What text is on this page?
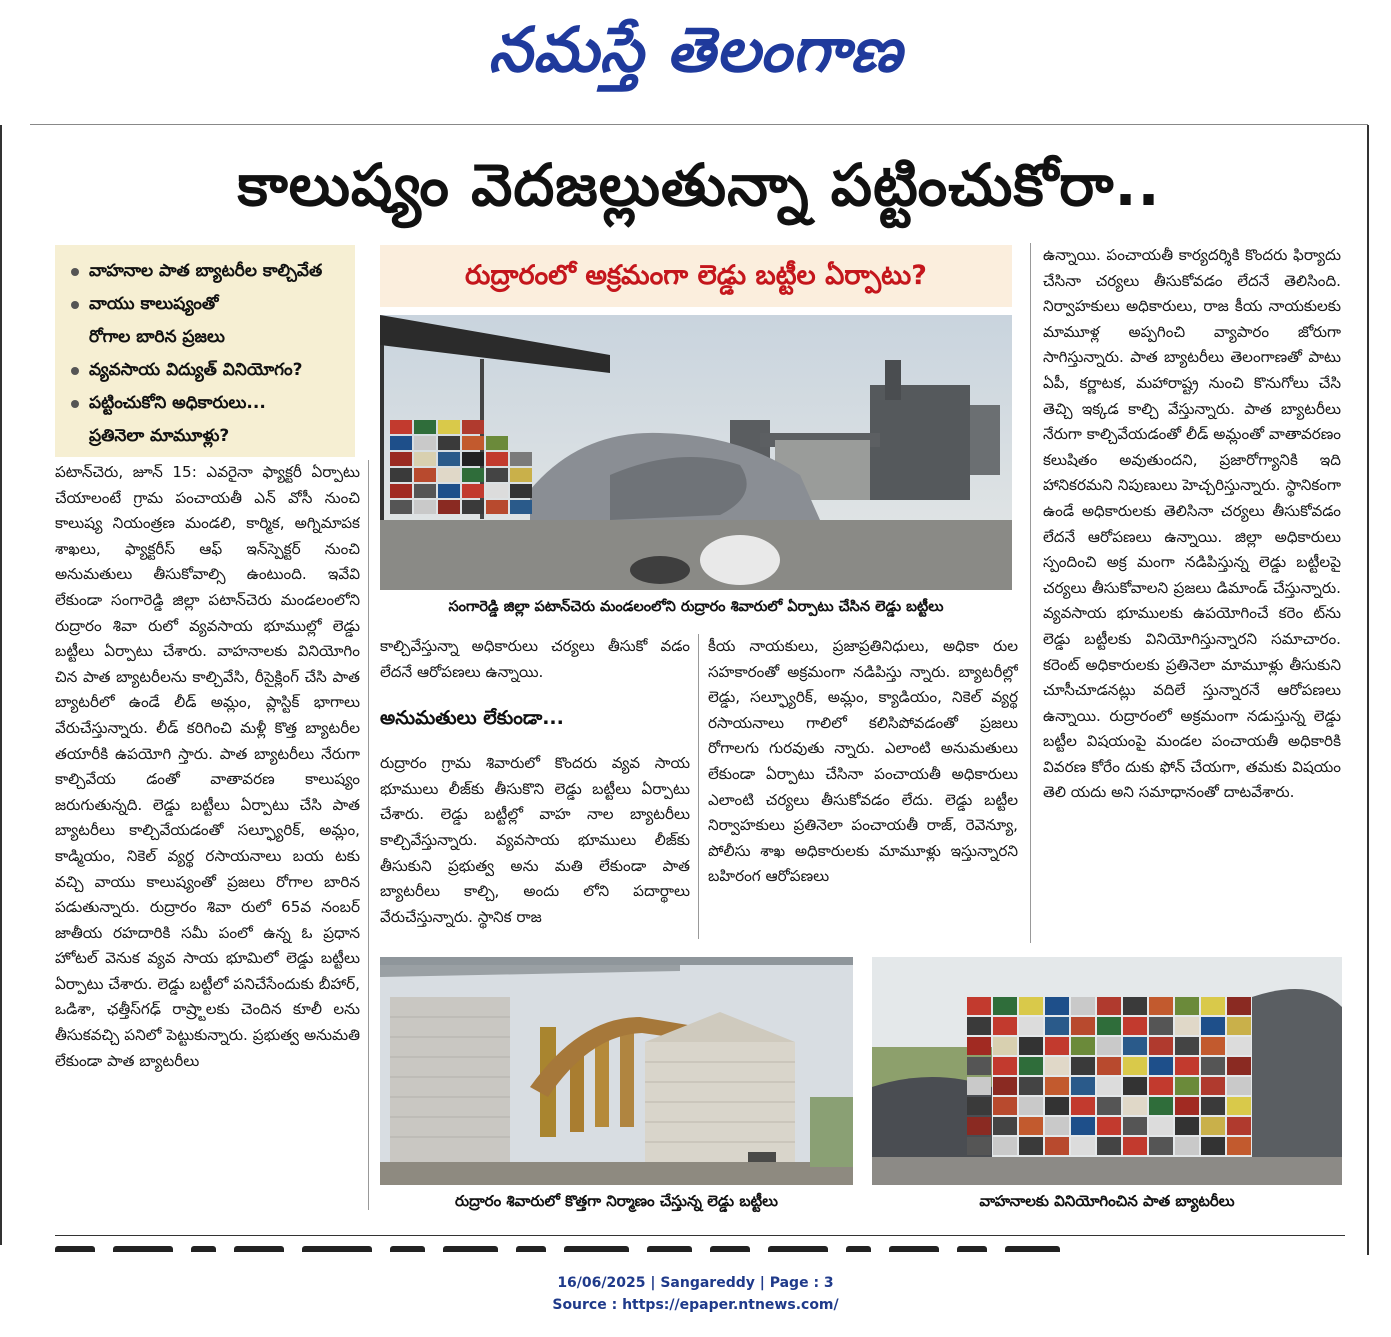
నమస్తే తెలంగాణ
కాలుష్యం వెదజల్లుతున్నా పట్టించుకోరా..
వాహనాల పాత బ్యాటరీల కాల్చివేత
వాయు కాలుష్యంతో
రోగాల బారిన ప్రజలు
వ్యవసాయ విద్యుత్ వినియోగం?
పట్టించుకోని అధికారులు...
ప్రతినెలా మామూళ్లు?

పటాన్‌చెరు, జూన్ 15: ఎవరైనా ఫ్యాక్టరీ ఏర్పాటు చేయాలంటే గ్రామ పంచాయతీ ఎన్ వోసీ నుంచి కాలుష్య నియంత్రణ మండలి, కార్మిక, అగ్నిమాపక శాఖలు, ఫ్యాక్టరీస్ ఆఫ్ ఇన్‌స్పెక్టర్ నుంచి అనుమతులు తీసుకోవాల్సి ఉంటుంది. ఇవేవి లేకుండా సంగారెడ్డి జిల్లా పటాన్‌చెరు మండలంలోని రుద్రారం శివా రులో వ్యవసాయ భూముల్లో లెడ్డు బట్టీలు ఏర్పాటు చేశారు. వాహనాలకు వినియోగిం చిన పాత బ్యాటరీలను కాల్చివేసి, రీసైక్లింగ్ చేసి పాత బ్యాటరీలో ఉండే లీడ్ అమ్లం, ప్లాస్టిక్ భాగాలు వేరుచేస్తున్నారు. లీడ్ కరిగించి మళ్లీ కొత్త బ్యాటరీల తయారీకి ఉపయోగి స్తారు. పాత బ్యాటరీలు నేరుగా కాల్చివేయ డంతో వాతావరణ కాలుష్యం జరుగుతున్నది. లెడ్డు బట్టీలు ఏర్పాటు చేసి పాత బ్యాటరీలు కాల్చివేయడంతో సల్ఫ్యూరిక్, అమ్లం, కాడ్మియం, నికెల్ వ్యర్థ రసాయనాలు బయ టకు వచ్చి వాయు కాలుష్యంతో ప్రజలు రోగాల బారిన పడుతున్నారు. రుద్రారం శివా రులో 65వ నంబర్ జాతీయ రహదారికి సమీ పంలో ఉన్న ఓ ప్రధాన హోటల్ వెనుక వ్యవ సాయ భూమిలో లెడ్డు బట్టీలు ఏర్పాటు చేశారు. లెడ్డు బట్టీలో పనిచేసేందుకు బీహార్, ఒడిశా, ఛత్తీస్‌గఢ్ రాష్ర్టాలకు చెందిన కూలీ లను తీసుకవచ్చి పనిలో పెట్టుకున్నారు. ప్రభుత్వ అనుమతి లేకుండా పాత బ్యాటరీలు

రుద్రారంలో అక్రమంగా లెడ్డు బట్టీల ఏర్పాటు?
సంగారెడ్డి జిల్లా పటాన్‌చెరు మండలంలోని రుద్రారం శివారులో ఏర్పాటు చేసిన లెడ్డు బట్టీలు

కాల్చివేస్తున్నా అధికారులు చర్యలు తీసుకో వడం లేదనే ఆరోపణలు ఉన్నాయి.

రుద్రారం గ్రామ శివారులో కొందరు వ్యవ సాయ భూములు లీజ్‌కు తీసుకొని లెడ్డు బట్టీలు ఏర్పాటు చేశారు. లెడ్డు బట్టీల్లో వాహ నాల బ్యాటరీలు కాల్చివేస్తున్నారు. వ్యవసాయ భూములు లీజ్‌కు తీసుకుని ప్రభుత్వ అను మతి లేకుండా పాత బ్యాటరీలు కాల్చి, అందు లోని పదార్థాలు వేరుచేస్తున్నారు. స్థానిక రాజ

అనుమతులు లేకుండా...

కీయ నాయకులు, ప్రజాప్రతినిధులు, అధికా రుల సహకారంతో అక్రమంగా నడిపిస్తు న్నారు. బ్యాటరీల్లో లెడ్డు, సల్ఫ్యూరిక్, అమ్లం, క్యాడియం, నికెల్ వ్యర్థ రసాయనాలు గాలిలో కలిసిపోవడంతో ప్రజలు రోగాలగు గురవుతు న్నారు. ఎలాంటి అనుమతులు లేకుండా ఏర్పాటు చేసినా పంచాయతీ అధికారులు ఎలాంటి చర్యలు తీసుకోవడం లేదు. లెడ్డు బట్టీల నిర్వాహకులు ప్రతినెలా పంచాయతీ రాజ్, రెవెన్యూ, పోలీసు శాఖ అధికారులకు మామూళ్లు ఇస్తున్నారని బహిరంగ ఆరోపణలు

ఉన్నాయి. పంచాయతీ కార్యదర్శికి కొందరు ఫిర్యాదు చేసినా చర్యలు తీసుకోవడం లేదనే తెలిసింది. నిర్వాహకులు అధికారులు, రాజ కీయ నాయకులకు మామూళ్ల అప్పగించి వ్యాపారం జోరుగా సాగిస్తున్నారు. పాత బ్యాటరీలు తెలంగాణతో పాటు ఏపీ, కర్ణాటక, మహారాష్ట్ర నుంచి కొనుగోలు చేసి తెచ్చి ఇక్కడ కాల్చి వేస్తున్నారు. పాత బ్యాటరీలు నేరుగా కాల్చివేయడంతో లీడ్ అమ్లంతో వాతావరణం కలుషితం అవుతుందని, ప్రజారోగ్యానికి ఇది హానికరమని నిపుణులు హెచ్చరిస్తున్నారు. స్థానికంగా ఉండే అధికారులకు తెలిసినా చర్యలు తీసుకోవడం లేదనే ఆరోపణలు ఉన్నాయి. జిల్లా అధికారులు స్పందించి అక్ర మంగా నడిపిస్తున్న లెడ్డు బట్టీలపై చర్యలు తీసుకోవాలని ప్రజలు డిమాండ్ చేస్తున్నారు. వ్యవసాయ భూములకు ఉపయోగించే కరెం ట్‌ను లెడ్డు బట్టీలకు వినియోగిస్తున్నారని సమాచారం. కరెంట్ అధికారులకు ప్రతినెలా మామూళ్లు తీసుకుని చూసీచూడనట్లు వదిలే స్తున్నారనే ఆరోపణలు ఉన్నాయి. రుద్రారంలో అక్రమంగా నడుస్తున్న లెడ్డు బట్టీల విషయంపై మండల పంచాయతీ అధికారికి వివరణ కోరేం దుకు ఫోన్ చేయగా, తమకు విషయం తెలి యదు అని సమాధానంతో దాటవేశారు.

రుద్రారం శివారులో కొత్తగా నిర్మాణం చేస్తున్న లెడ్డు బట్టీలు	వాహనాలకు వినియోగించిన పాత బ్యాటరీలు
16/06/2025 | Sangareddy | Page : 3
Source : https://epaper.ntnews.com/
